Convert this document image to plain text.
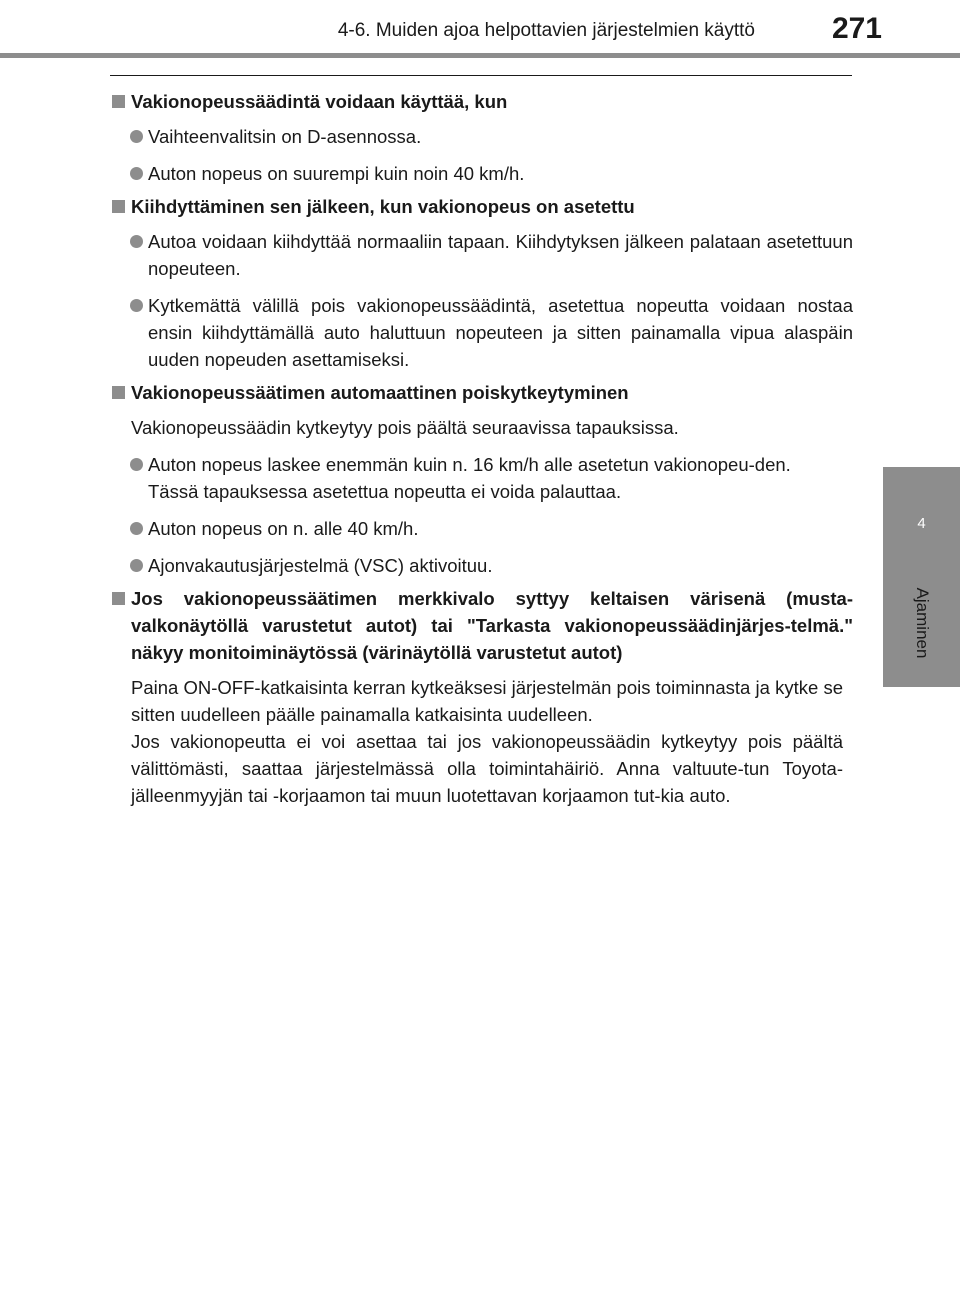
4-6. Muiden ajoa helpottavien järjestelmien käyttö	271
4
Ajaminen
Vakionopeussäädintä voidaan käyttää, kun
Vaihteenvalitsin on D-asennossa.
Auton nopeus on suurempi kuin noin 40 km/h.
Kiihdyttäminen sen jälkeen, kun vakionopeus on asetettu
Autoa voidaan kiihdyttää normaaliin tapaan. Kiihdytyksen jälkeen palataan asetettuun nopeuteen.
Kytkemättä välillä pois vakionopeussäädintä, asetettua nopeutta voidaan nostaa ensin kiihdyttämällä auto haluttuun nopeuteen ja sitten painamalla vipua alaspäin uuden nopeuden asettamiseksi.
Vakionopeussäätimen automaattinen poiskytkeytyminen
Vakionopeussäädin kytkeytyy pois päältä seuraavissa tapauksissa.
Auton nopeus laskee enemmän kuin n. 16 km/h alle asetetun vakionopeu-den.
Tässä tapauksessa asetettua nopeutta ei voida palauttaa.
Auton nopeus on n. alle 40 km/h.
Ajonvakautusjärjestelmä (VSC) aktivoituu.
Jos vakionopeussäätimen merkkivalo syttyy keltaisen värisenä (musta-valkonäytöllä varustetut autot) tai "Tarkasta vakionopeussäädinjärjes-telmä." näkyy monitoiminäytössä (värinäytöllä varustetut autot)
Paina ON-OFF-katkaisinta kerran kytkeäksesi järjestelmän pois toiminnasta ja kytke se sitten uudelleen päälle painamalla katkaisinta uudelleen.
Jos vakionopeutta ei voi asettaa tai jos vakionopeussäädin kytkeytyy pois päältä välittömästi, saattaa järjestelmässä olla toimintahäiriö. Anna valtuute-tun Toyota-jälleenmyyjän tai -korjaamon tai muun luotettavan korjaamon tut-kia auto.
